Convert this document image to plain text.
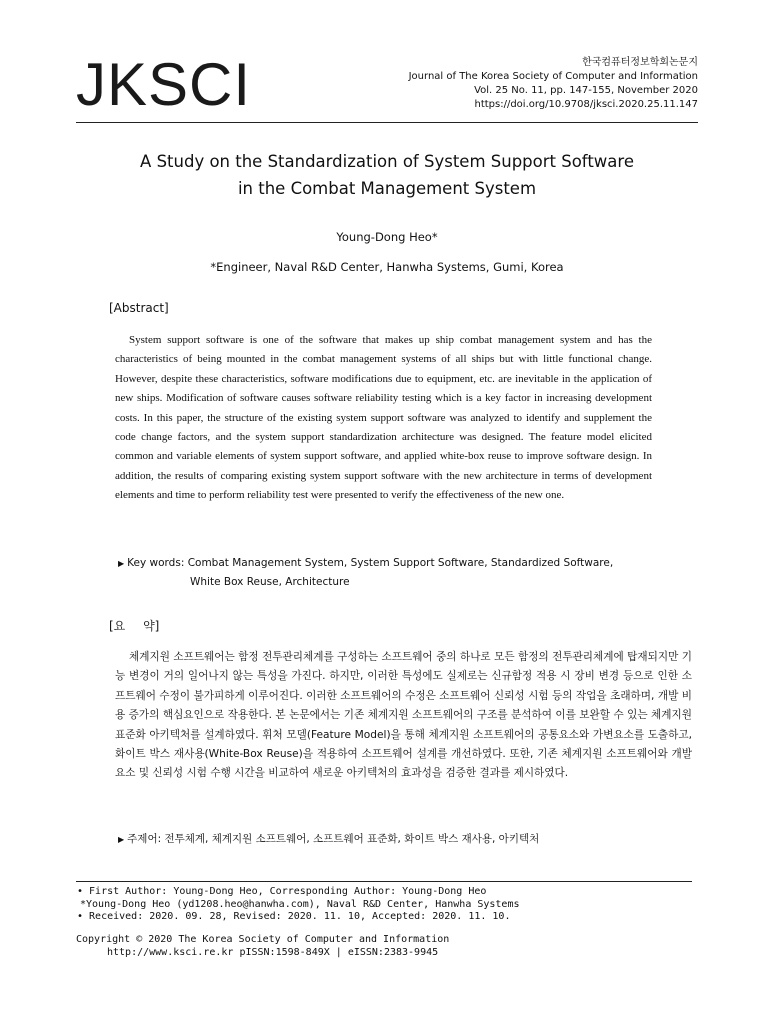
JKSCI	한국컴퓨터정보학회논문지
Journal of The Korea Society of Computer and Information
Vol. 25 No. 11, pp. 147-155, November 2020
https://doi.org/10.9708/jksci.2020.25.11.147
A Study on the Standardization of System Support Software
in the Combat Management System
Young-Dong Heo*
*Engineer, Naval R&D Center, Hanwha Systems, Gumi, Korea
[Abstract]

System support software is one of the software that makes up ship combat management system and has the characteristics of being mounted in the combat management systems of all ships but with little functional change. However, despite these characteristics, software modifications due to equipment, etc. are inevitable in the application of new ships. Modification of software causes software reliability testing which is a key factor in increasing development costs. In this paper, the structure of the existing system support software was analyzed to identify and supplement the code change factors, and the system support standardization architecture was designed. The feature model elicited common and variable elements of system support software, and applied white-box reuse to improve software design. In addition, the results of comparing existing system support software with the new architecture in terms of development elements and time to perform reliability test were presented to verify the effectiveness of the new one.

▶ Key words: Combat Management System, System Support Software, Standardized Software,
White Box Reuse, Architecture
[요 약]

체계지원 소프트웨어는 함정 전투관리체계를 구성하는 소프트웨어 중의 하나로 모든 함정의 전투관리체계에 탑재되지만 기능 변경이 거의 일어나지 않는 특성을 가진다. 하지만, 이러한 특성에도 실제로는 신규함정 적용 시 장비 변경 등으로 인한 소프트웨어 수정이 불가피하게 이루어진다. 이러한 소프트웨어의 수정은 소프트웨어 신뢰성 시험 등의 작업을 초래하며, 개발 비용 증가의 핵심요인으로 작용한다. 본 논문에서는 기존 체계지원 소프트웨어의 구조를 분석하여 이를 보완할 수 있는 체계지원 표준화 아키텍처를 설계하였다. 휘처 모델(Feature Model)을 통해 체계지원 소프트웨어의 공통요소와 가변요소를 도출하고, 화이트 박스 재사용(White-Box Reuse)을 적용하여 소프트웨어 설계를 개선하였다. 또한, 기존 체계지원 소프트웨어와 개발 요소 및 신뢰성 시험 수행 시간을 비교하여 새로운 아키텍처의 효과성을 검증한 결과를 제시하였다.

▶ 주제어: 전투체계, 체계지원 소프트웨어, 소프트웨어 표준화, 화이트 박스 재사용, 아키텍처
• First Author: Young-Dong Heo, Corresponding Author: Young-Dong Heo
*Young-Dong Heo (yd1208.heo@hanwha.com), Naval R&D Center, Hanwha Systems
• Received: 2020. 09. 28, Revised: 2020. 11. 10, Accepted: 2020. 11. 10.
Copyright © 2020 The Korea Society of Computer and Information
http://www.ksci.re.kr pISSN:1598-849X | eISSN:2383-9945
